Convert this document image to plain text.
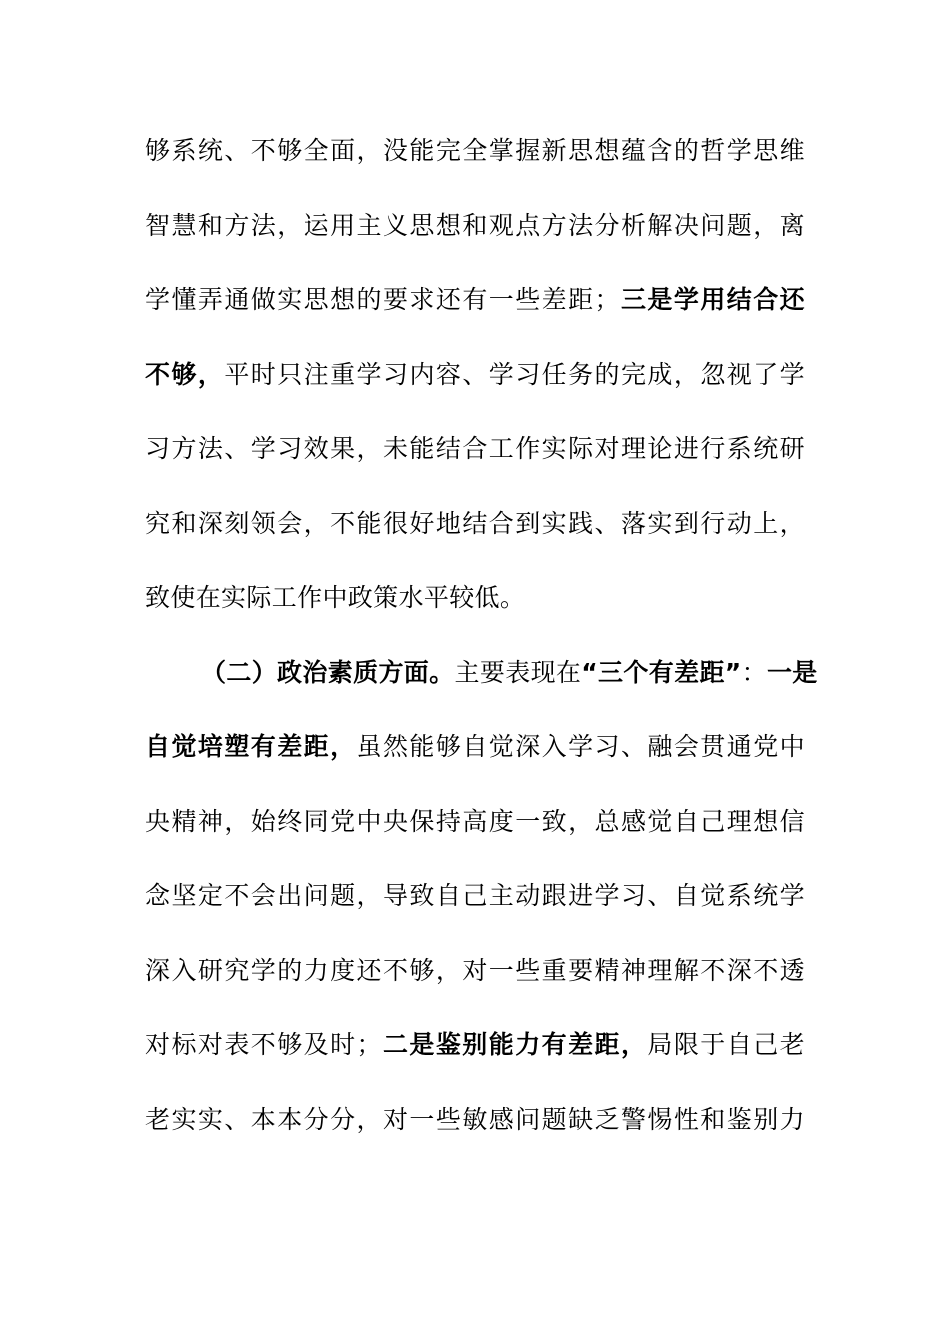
够系统、不够全面，没能完全掌握新思想蕴含的哲学思维
智慧和方法，运用主义思想和观点方法分析解决问题，离
学懂弄通做实思想的要求还有一些差距；三是学用结合还
不够，平时只注重学习内容、学习任务的完成，忽视了学
习方法、学习效果，未能结合工作实际对理论进行系统研
究和深刻领会，不能很好地结合到实践、落实到行动上，
致使在实际工作中政策水平较低。
（二）政治素质方面。主要表现在“三个有差距”：一是
自觉培塑有差距，虽然能够自觉深入学习、融会贯通党中
央精神，始终同党中央保持高度一致，总感觉自己理想信
念坚定不会出问题，导致自己主动跟进学习、自觉系统学
深入研究学的力度还不够，对一些重要精神理解不深不透
对标对表不够及时；二是鉴别能力有差距，局限于自己老
老实实、本本分分，对一些敏感问题缺乏警惕性和鉴别力
